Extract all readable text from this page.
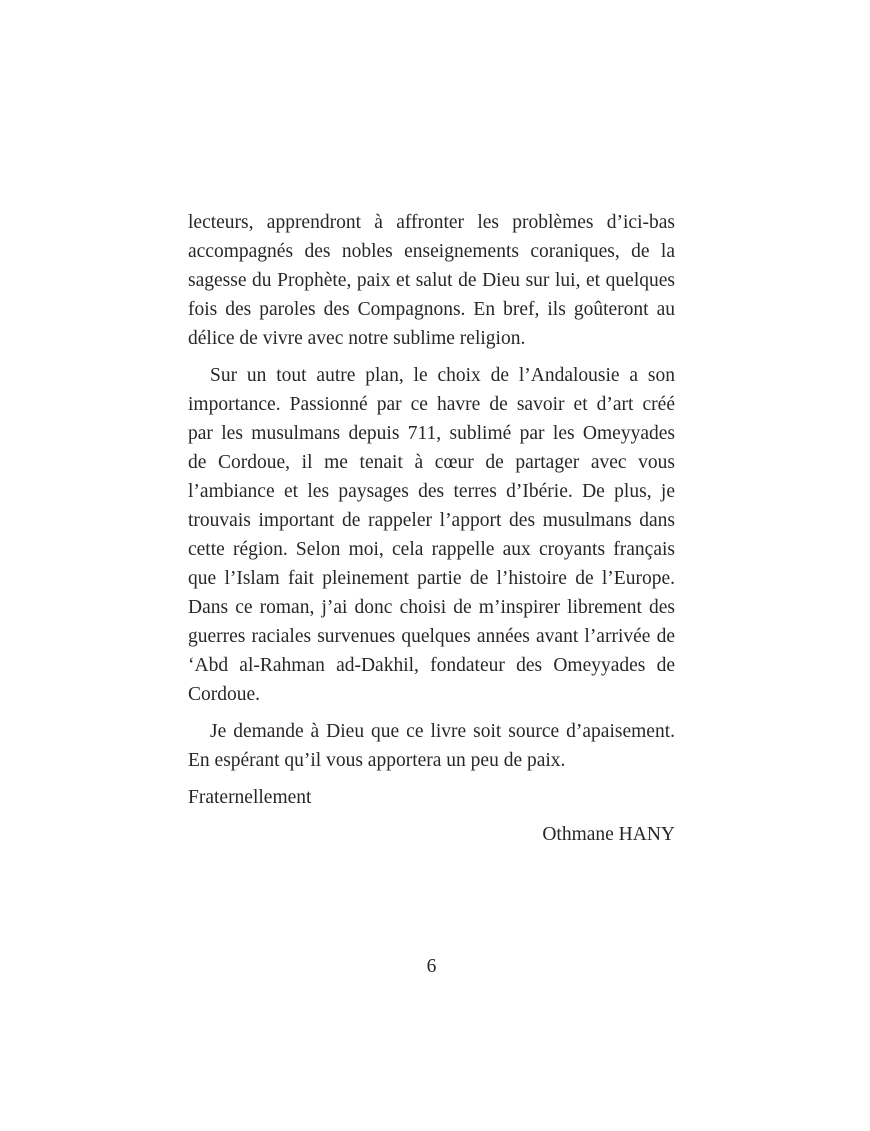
lecteurs, apprendront à affronter les problèmes d’ici-bas
accompagnés des nobles enseignements coraniques, de la
sagesse du Prophète, paix et salut de Dieu sur lui, et quelques
fois des paroles des Compagnons. En bref, ils goûteront au
délice de vivre avec notre sublime religion.
Sur un tout autre plan, le choix de l’Andalousie a son
importance. Passionné par ce havre de savoir et d’art créé
par les musulmans depuis 711, sublimé par les Omeyyades
de Cordoue, il me tenait à cœur de partager avec vous
l’ambiance et les paysages des terres d’Ibérie. De plus, je
trouvais important de rappeler l’apport des musulmans dans
cette région. Selon moi, cela rappelle aux croyants français
que l’Islam fait pleinement partie de l’histoire de l’Europe.
Dans ce roman, j’ai donc choisi de m’inspirer librement des
guerres raciales survenues quelques années avant l’arrivée de
‘Abd al-Rahman ad-Dakhil, fondateur des Omeyyades de
Cordoue.
Je demande à Dieu que ce livre soit source d’apaisement.
En espérant qu’il vous apportera un peu de paix.
Fraternellement
Othmane HANY
6
